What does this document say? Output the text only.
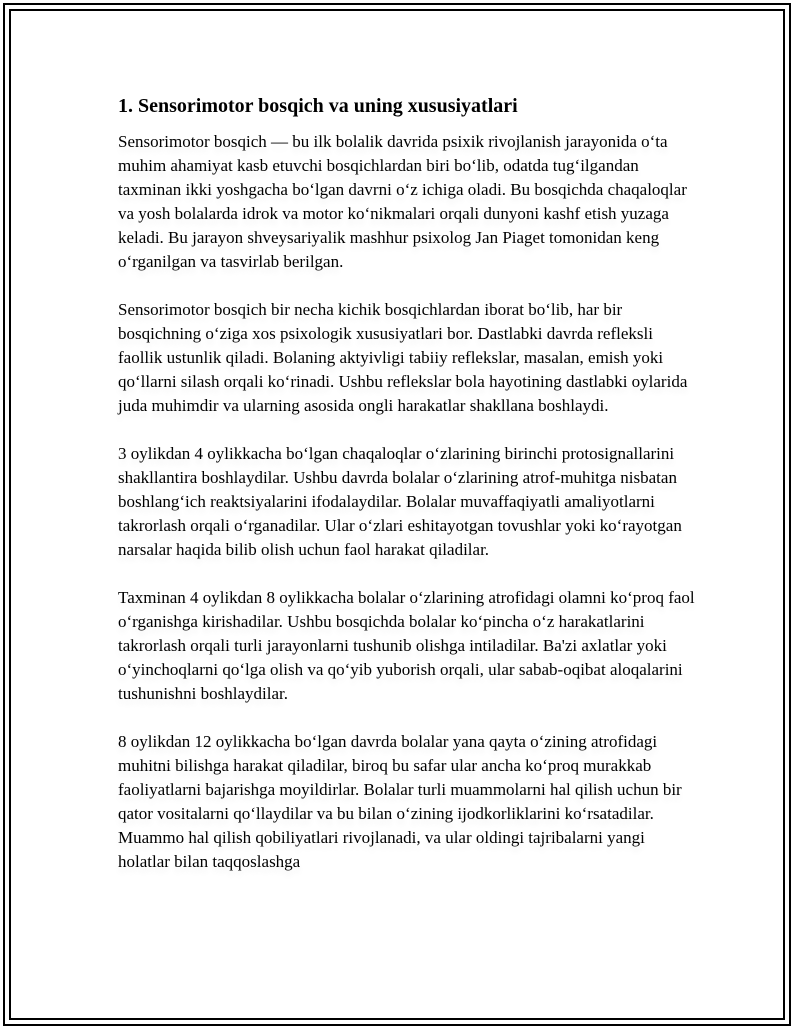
1. Sensorimotor bosqich va uning xususiyatlari

Sensorimotor bosqich — bu ilk bolalik davrida psixik rivojlanish jarayonida oʻta muhim ahamiyat kasb etuvchi bosqichlardan biri boʻlib, odatda tugʻilgandan taxminan ikki yoshgacha boʻlgan davrni oʻz ichiga oladi. Bu bosqichda chaqaloqlar va yosh bolalarda idrok va motor koʻnikmalari orqali dunyoni kashf etish yuzaga keladi. Bu jarayon shveysariyalik mashhur psixolog Jan Piaget tomonidan keng oʻrganilgan va tasvirlab berilgan.

Sensorimotor bosqich bir necha kichik bosqichlardan iborat boʻlib, har bir bosqichning oʻziga xos psixologik xususiyatlari bor. Dastlabki davrda refleksli faollik ustunlik qiladi. Bolaning aktyivligi tabiiy reflekslar, masalan, emish yoki qoʻllarni silash orqali koʻrinadi. Ushbu reflekslar bola hayotining dastlabki oylarida juda muhimdir va ularning asosida ongli harakatlar shakllana boshlaydi.

3 oylikdan 4 oylikkacha boʻlgan chaqaloqlar oʻzlarining birinchi protosignallarini shakllantira boshlaydilar. Ushbu davrda bolalar oʻzlarining atrof-muhitga nisbatan boshlangʻich reaktsiyalarini ifodalaydilar. Bolalar muvaffaqiyatli amaliyotlarni takrorlash orqali oʻrganadilar. Ular oʻzlari eshitayotgan tovushlar yoki koʻrayotgan narsalar haqida bilib olish uchun faol harakat qiladilar.

Taxminan 4 oylikdan 8 oylikkacha bolalar oʻzlarining atrofidagi olamni koʻproq faol oʻrganishga kirishadilar. Ushbu bosqichda bolalar koʻpincha oʻz harakatlarini takrorlash orqali turli jarayonlarni tushunib olishga intiladilar. Ba'zi axlatlar yoki oʻyinchoqlarni qoʻlga olish va qoʻyib yuborish orqali, ular sabab-oqibat aloqalarini tushunishni boshlaydilar.

8 oylikdan 12 oylikkacha boʻlgan davrda bolalar yana qayta oʻzining atrofidagi muhitni bilishga harakat qiladilar, biroq bu safar ular ancha koʻproq murakkab faoliyatlarni bajarishga moyildirlar. Bolalar turli muammolarni hal qilish uchun bir qator vositalarni qoʻllaydilar va bu bilan oʻzining ijodkorliklarini koʻrsatadilar. Muammo hal qilish qobiliyatlari rivojlanadi, va ular oldingi tajribalarni yangi holatlar bilan taqqoslashga
